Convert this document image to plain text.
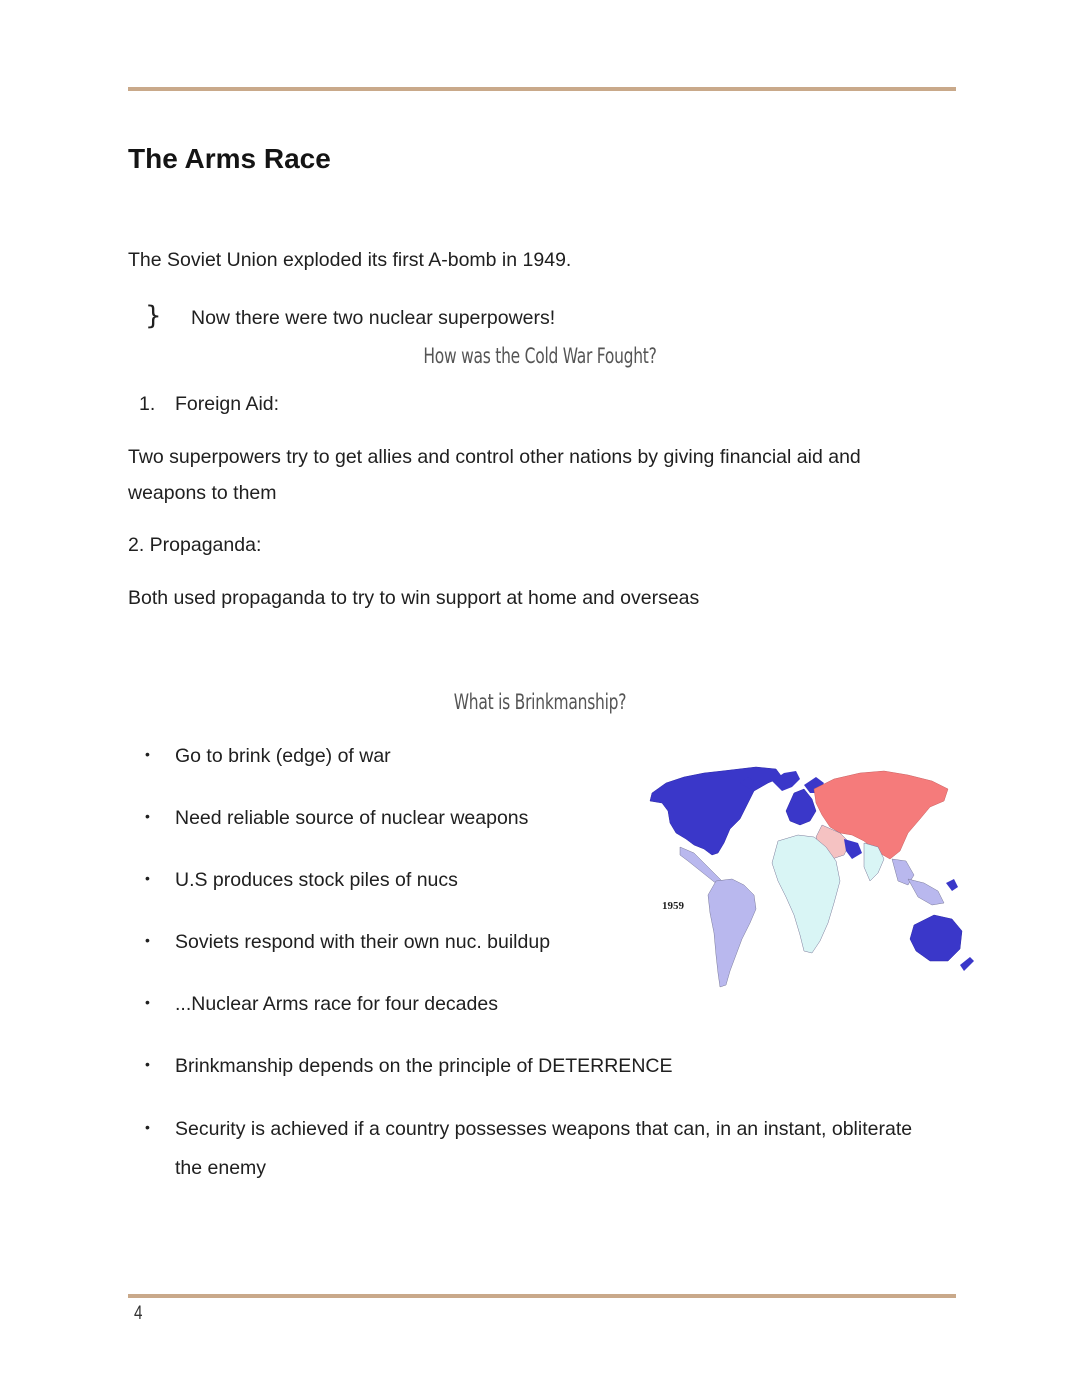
The Arms Race

The Soviet Union exploded its first A-bomb in 1949.

} Now there were two nuclear superpowers!

How was the Cold War Fought?

1. Foreign Aid:

Two superpowers try to get allies and control other nations by giving financial aid and

weapons to them

2. Propaganda:

Both used propaganda to try to win support at home and overseas

What is Brinkmanship?

• Go to brink (edge) of war

• Need reliable source of nuclear weapons

• U.S produces stock piles of nucs

• Soviets respond with their own nuc. buildup

• ...Nuclear Arms race for four decades

• Brinkmanship depends on the principle of DETERRENCE

• Security is achieved if a country possesses weapons that can, in an instant, obliterate

the enemy

1959
4
